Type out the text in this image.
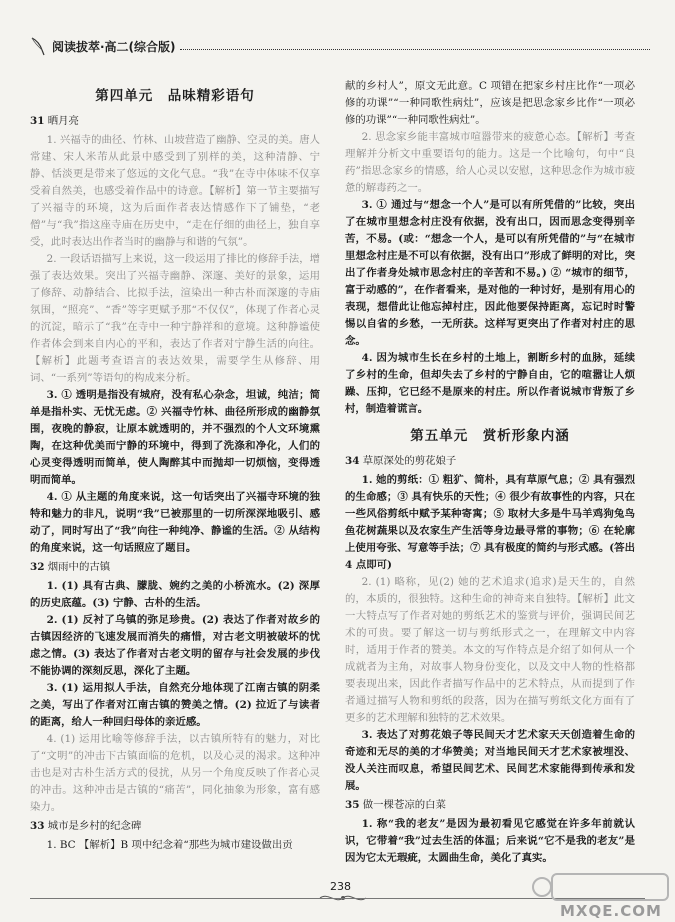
阅读拔萃·高二(综合版)
第四单元　品味精彩语句
31 晒月亮

1. 兴福寺的曲径、竹林、山坡营造了幽静、空灵的美。唐人常建、宋人米芾从此景中感受到了别样的美，这种清静、宁静、恬淡更是带来了悠远的文化气息。“我”在寺中体味不仅享受着自然美，也感受着作品中的诗意。【解析】第一节主要描写了兴福寺的环境，这为后面作者表达情感作下了铺垫，“老僧”与“我”指这座寺庙在历史中，“走在仔细的曲径上，独自享受，此时表达出作者当时的幽静与和谐的气氛”。

2. 一段话语描写上来说，这一段运用了排比的修辞手法，增强了表达效果。突出了兴福寺幽静、深邃、美好的景象，运用了修辞、动静结合、比拟手法，渲染出一种古朴而深邃的寺庙氛围，“照亮”、“香”等字更赋予那“不仅仅”，体现了作者心灵的沉淀，暗示了“我”在寺中一种宁静祥和的意境。这种静谧使作者体会到来自内心的平和，表达了作者对宁静生活的向往。【解析】此题考查语言的表达效果，需要学生从修辞、用词、“一系列”等语句的构成来分析。

3. ① 透明是指没有城府，没有私心杂念，坦诚，纯洁；简单是指朴实、无忧无虑。② 兴福寺竹林、曲径所形成的幽静氛围，夜晚的静寂，让原本就透明的，并不强烈的个人文环境熏陶，在这种优美而宁静的环境中，得到了洗涤和净化，人们的心灵变得透明而简单，使人陶醉其中而抛却一切烦恼，变得透明而简单。

4. ① 从主题的角度来说，这一句话突出了兴福寺环境的独特和魅力的非凡，说明“我”已被那里的一切所深深地吸引、感动了，同时写出了“我”向往一种纯净、静谧的生活。② 从结构的角度来说，这一句话照应了题目。

32 烟雨中的古镇

1. (1) 具有古典、朦胧、婉约之美的小桥流水。(2) 深厚的历史底蕴。(3) 宁静、古朴的生活。

2. (1) 反衬了乌镇的弥足珍贵。(2) 表达了作者对故乡的古镇因经济的飞速发展而消失的痛惜，对古老文明被破坏的忧虑之情。(3) 表达了作者对古老文明的留存与社会发展的步伐不能协调的深刻反思，深化了主题。

3. (1) 运用拟人手法，自然充分地体现了江南古镇的阴柔之美，写出了作者对江南古镇的赞美之情。(2) 拉近了与读者的距离，给人一种回归母体的亲近感。

4. (1) 运用比喻等修辞手法，以古镇所特有的魅力，对比了“文明”的冲击下古镇面临的危机，以及心灵的渴求。这种冲击也是对古朴生活方式的侵扰，从另一个角度反映了作者心灵的冲击。这种冲击是古镇的“痛苦”，同化抽象为形象，富有感染力。

33 城市是乡村的纪念碑

1. BC 【解析】B 项中纪念着“那些为城市建设做出贡

献的乡村人”，原文无此意。C 项错在把家乡村庄比作“一项必修的功课”“一种同歌性病灶”，应该是把思念家乡比作“一项必修的功课”“一种同歌性病灶”。

2. 思念家乡能丰富城市喧嚣带来的疲惫心态。【解析】考查理解并分析文中重要语句的能力。这是一个比喻句，句中“良药”指思念家乡的情感，给人心灵以安慰，这种思念作为城市疲惫的解毒药之一。

3. ① 通过与“想念一个人”是可以有所凭借的”比较，突出了在城市里想念村庄没有依据，没有出口，因而思念变得别辛苦，不易。(或：“想念一个人，是可以有所凭借的”与“在城市里想念村庄是不可以有依据，没有出口”形成了鲜明的对比，突出了作者身处城市思念村庄的辛苦和不易。) ② “城市的细节，富于动感的”，在作者看来，是对他的一种讨好，是别有用心的表现，想借此让他忘掉村庄，因此他要保持距离，忘记时时警惕以自省的乡愁，一无所获。这样写更突出了作者对村庄的思念。

4. 因为城市生长在乡村的土地上，割断乡村的血脉，延续了乡村的生命，但却失去了乡村的宁静自由，它的喧嚣让人烦躁、压抑，它已经不是原来的村庄。所以作者说城市背叛了乡村，制造着谎言。

第五单元　赏析形象内涵
34 草原深处的剪花娘子

1. 她的剪纸：① 粗犷、简朴，具有草原气息；② 具有强烈的生命感；③ 具有快乐的天性；④ 很少有故事性的内容，只在一些风俗剪纸中赋予某种寄寓；⑤ 取材大多是牛马羊鸡狗兔鸟鱼花树蔬果以及农家生产生活等身边最寻常的事物；⑥ 在轮廓上使用夸张、写意等手法；⑦ 具有极度的简约与形式感。(答出 4 点即可)

2. (1) 略称，见(2) 她的艺术追求(追求)是天生的，自然的，本质的，很独特。这种生命的神奇来自独特。【解析】此文一大特点写了作者对她的剪纸艺术的鉴赏与评价，强调民间艺术的可贵。要了解这一切与剪纸形式之一，在理解文中内容时，适用于作者的赞美。本文的写作特点是介绍了如何从一个成就者为主角，对故事人物身份变化，以及文中人物的性格都要表现出来，因此作者描写作品中的艺术特点，从而提到了作者通过描写人物和剪纸的段落，因为在描写剪纸文化方面有了更多的艺术理解和独特的艺术效果。

3. 表达了对剪花娘子等民间天才艺术家天天创造着生命的奇迹和无尽的美的才华赞美；对当地民间天才艺术家被埋没、没人关注而叹息，希望民间艺术、民间艺术家能得到传承和发展。

35 做一棵苍凉的白菜

1. 称“我的老友”是因为最初看见它感觉在许多年前就认识，它带着“我”过去生活的体温；后来说“它不是我的老友”是因为它太无瑕疵，太圆曲生命，美化了真实。

238
MXQE.COM
